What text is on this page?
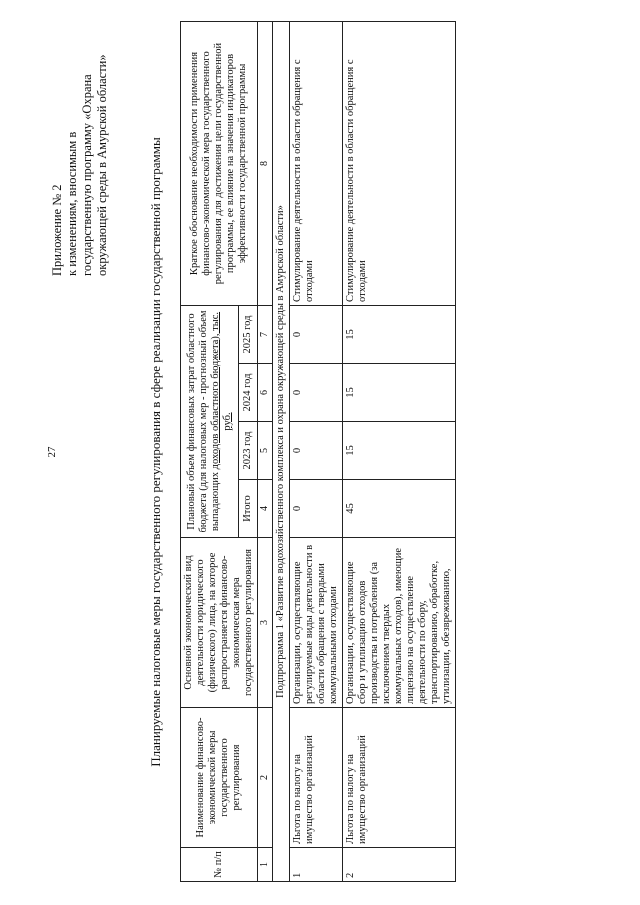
27
Приложение № 2 к изменениям, вносимым в государственную программу «Охрана окружающей среды в Амурской области»	Планируемые налоговые меры государственного регулирования в сфере реализации государственной программы
№ п/п	Наименование финансово-экономической меры государственного регулирования	Основной экономический вид деятельности юридического (физического) лица, на которое распространяется финансово-экономическая мера государственного регулирования	Плановый объем финансовых затрат областного бюджета (для налоговых мер - прогнозный объем выпадающих доходов областного бюджета), тыс. руб.				Краткое обоснование необходимости применения финансово-экономической мера государственного регулирования для достижения цели государственной программы, ее влияние на значения индикаторов эффективности государственной программы
			Итого	2023 год	2024 год	2025 год	
1	2	3	4	5	6	7	8
Подпрограмма 1 «Развитие водохозяйственного комплекса и охрана окружающей среды в Амурской области»							
1	Льгота по налогу на имущество организаций	Организации, осуществляющие регулируемые виды деятельности в области обращения с твердыми коммунальными отходами	0	0	0	0	Стимулирование деятельности в области обращения с отходами
2	Льгота по налогу на имущество организаций	Организации, осуществляющие сбор и утилизацию отходов производства и потребления (за исключением твердых коммунальных отходов), имеющие лицензию на осуществление деятельности по сбору, транспортированию, обработке, утилизации, обезвреживанию,	45	15	15	15	Стимулирование деятельности в области обращения с отходами
